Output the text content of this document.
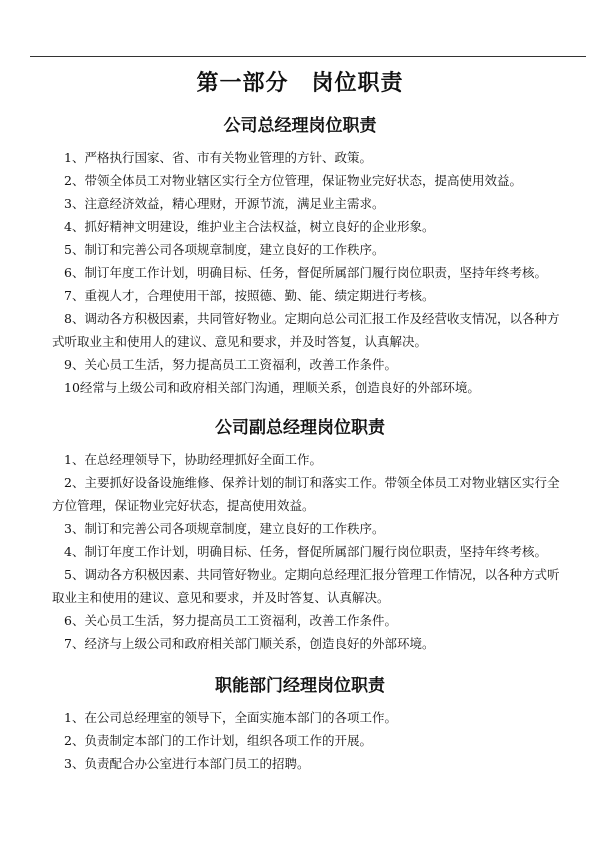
第一部分　岗位职责
公司总经理岗位职责

1、严格执行国家、省、市有关物业管理的方针、政策。

2、带领全体员工对物业辖区实行全方位管理，保证物业完好状态，提高使用效益。

3、注意经济效益，精心理财，开源节流，满足业主需求。

4、抓好精神文明建设，维护业主合法权益，树立良好的企业形象。

5、制订和完善公司各项规章制度，建立良好的工作秩序。

6、制订年度工作计划，明确目标、任务，督促所属部门履行岗位职责，坚持年终考核。

7、重视人才，合理使用干部，按照德、勤、能、绩定期进行考核。

8、调动各方积极因素，共同管好物业。定期向总公司汇报工作及经营收支情况，以各种方式听取业主和使用人的建议、意见和要求，并及时答复，认真解决。

9、关心员工生活，努力提高员工工资福利，改善工作条件。

10经常与上级公司和政府相关部门沟通，理顺关系，创造良好的外部环境。

公司副总经理岗位职责

1、在总经理领导下，协助经理抓好全面工作。

2、主要抓好设备设施维修、保养计划的制订和落实工作。带领全体员工对物业辖区实行全方位管理，保证物业完好状态，提高使用效益。

3、制订和完善公司各项规章制度，建立良好的工作秩序。

4、制订年度工作计划，明确目标、任务，督促所属部门履行岗位职责，坚持年终考核。

5、调动各方积极因素、共同管好物业。定期向总经理汇报分管理工作情况，以各种方式听取业主和使用的建议、意见和要求，并及时答复、认真解决。

6、关心员工生活，努力提高员工工资福利，改善工作条件。

7、经济与上级公司和政府相关部门顺关系，创造良好的外部环境。

职能部门经理岗位职责

1、在公司总经理室的领导下，全面实施本部门的各项工作。

2、负责制定本部门的工作计划，组织各项工作的开展。

3、负责配合办公室进行本部门员工的招聘。
